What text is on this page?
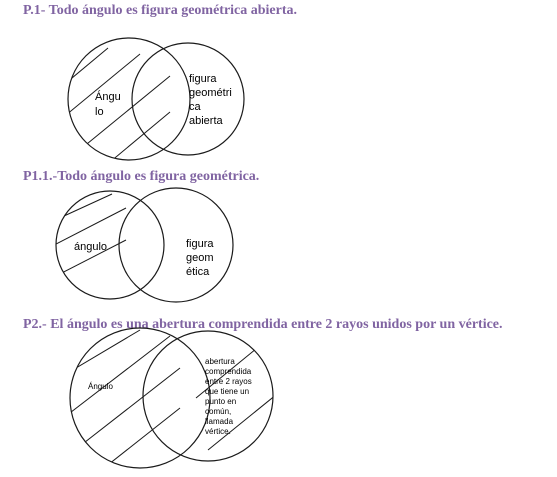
P.1- Todo ángulo es figura geométrica abierta.
P1.1.-Todo ángulo es figura geométrica.
P2.- El ángulo es una abertura comprendida entre 2 rayos unidos por un vértice.
Ángu lo
figura geométri ca abierta
ángulo	figura geom ética
Ángulo
abertura comprendida entre 2 rayos que tiene un punto en común, llamada vértice.
